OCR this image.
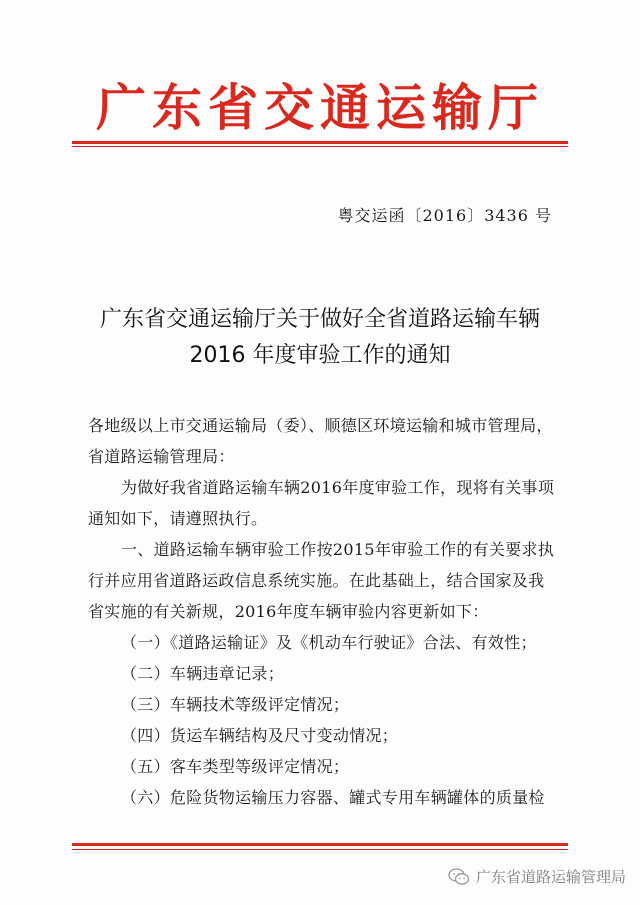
广东省交通运输厅
粤交运函〔2016〕3436 号
广东省交通运输厅关于做好全省道路运输车辆
2016 年度审验工作的通知

各地级以上市交通运输局（委）、顺德区环境运输和城市管理局，

省道路运输管理局：

为做好我省道路运输车辆2016年度审验工作，现将有关事项

通知如下，请遵照执行。

一、道路运输车辆审验工作按2015年审验工作的有关要求执

行并应用省道路运政信息系统实施。在此基础上，结合国家及我

省实施的有关新规，2016年度车辆审验内容更新如下：

（一）《道路运输证》及《机动车行驶证》合法、有效性；

（二）车辆违章记录；

（三）车辆技术等级评定情况；

（四）货运车辆结构及尺寸变动情况；

（五）客车类型等级评定情况；

（六）危险货物运输压力容器、罐式专用车辆罐体的质量检

广东省道路运输管理局
